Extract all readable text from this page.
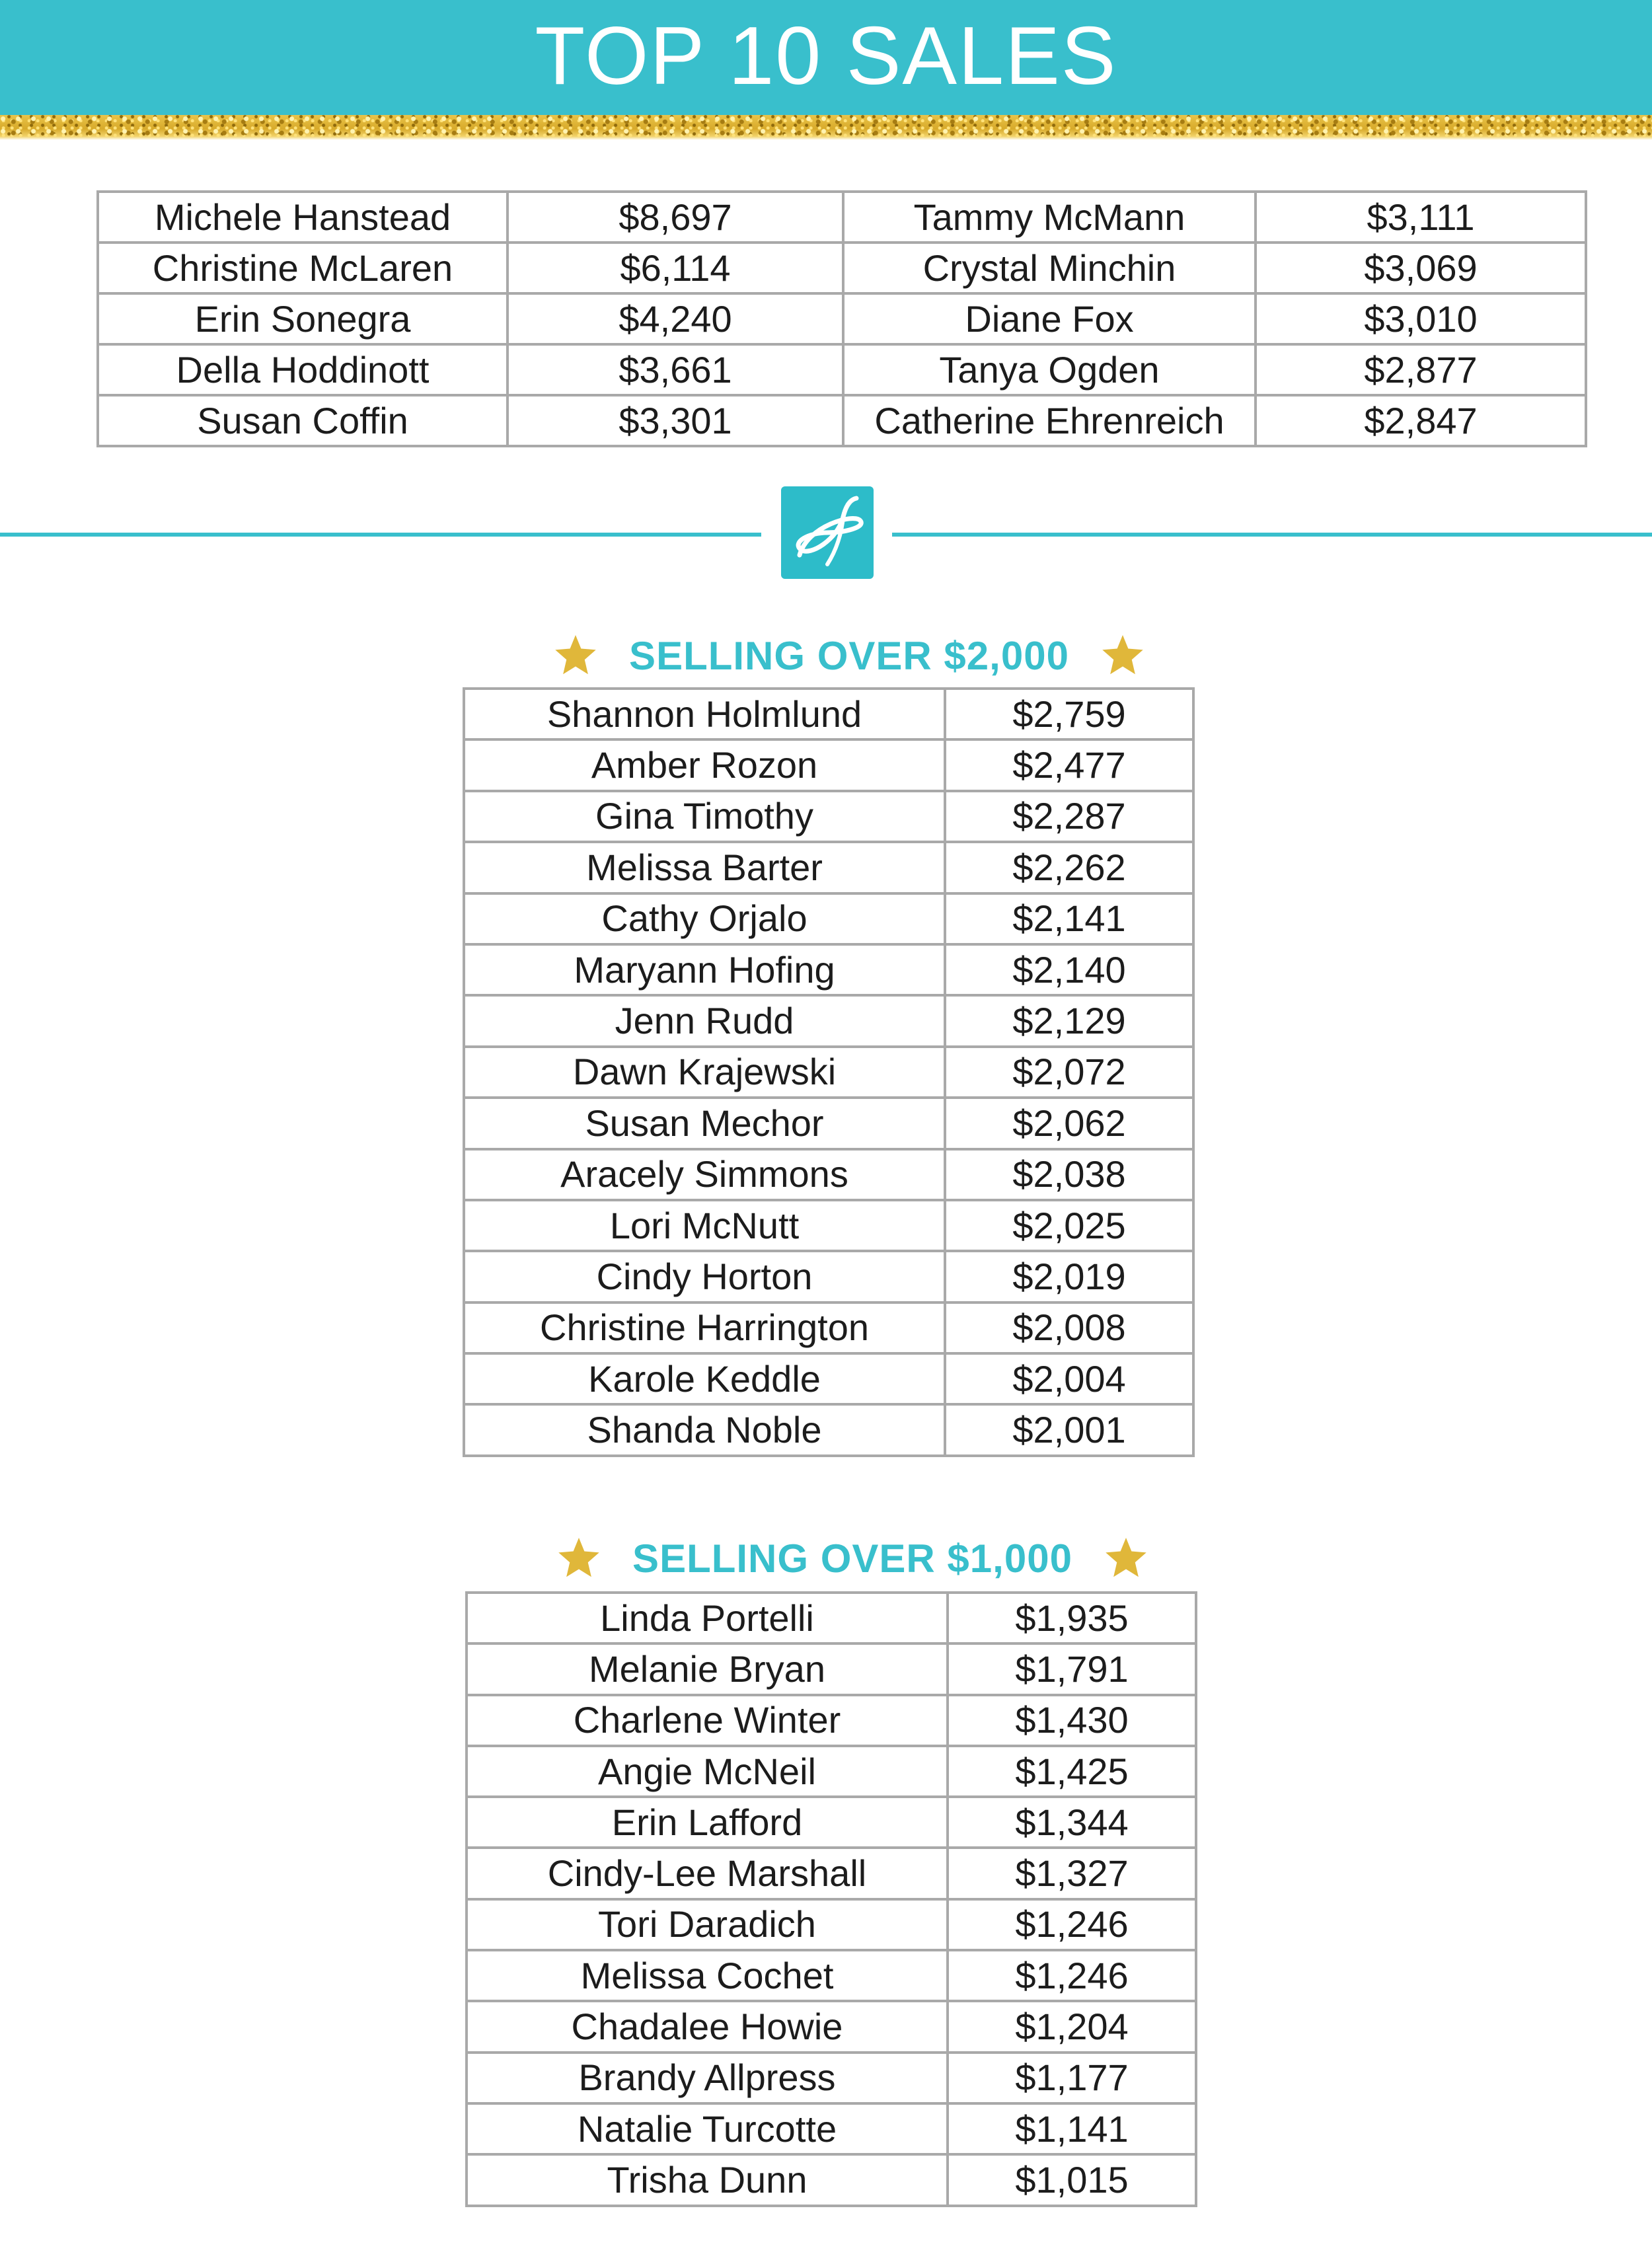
TOP 10 SALES
Michele Hanstead	$8,697	Tammy McMann	$3,111
Christine McLaren	$6,114	Crystal Minchin	$3,069
Erin Sonegra	$4,240	Diane Fox	$3,010
Della Hoddinott	$3,661	Tanya Ogden	$2,877
Susan Coffin	$3,301	Catherine Ehrenreich	$2,847
SELLING OVER $2,000
Shannon Holmlund	$2,759
Amber Rozon	$2,477
Gina Timothy	$2,287
Melissa Barter	$2,262
Cathy Orjalo	$2,141
Maryann Hofing	$2,140
Jenn Rudd	$2,129
Dawn Krajewski	$2,072
Susan Mechor	$2,062
Aracely Simmons	$2,038
Lori McNutt	$2,025
Cindy Horton	$2,019
Christine Harrington	$2,008
Karole Keddle	$2,004
Shanda Noble	$2,001
SELLING OVER $1,000
Linda Portelli	$1,935
Melanie Bryan	$1,791
Charlene Winter	$1,430
Angie McNeil	$1,425
Erin Lafford	$1,344
Cindy-Lee Marshall	$1,327
Tori Daradich	$1,246
Melissa Cochet	$1,246
Chadalee Howie	$1,204
Brandy Allpress	$1,177
Natalie Turcotte	$1,141
Trisha Dunn	$1,015
